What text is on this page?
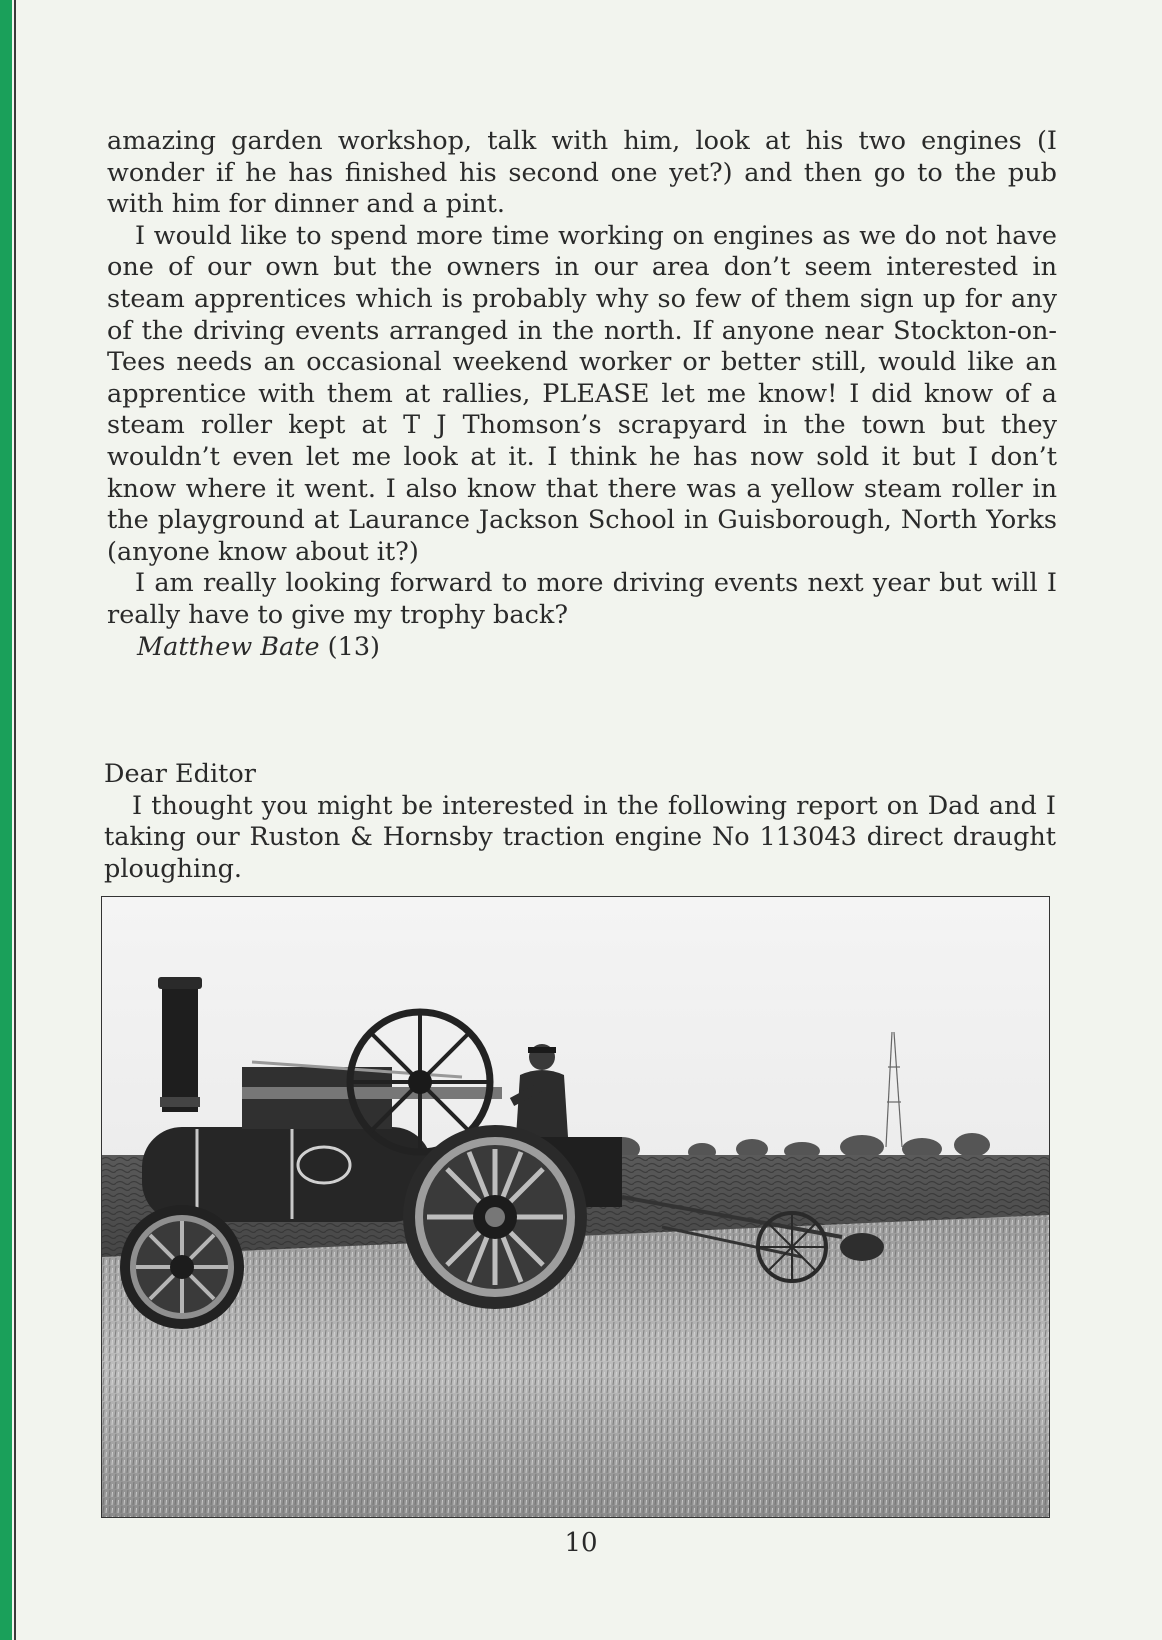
amazing garden workshop, talk with him, look at his two engines (I wonder if he has finished his second one yet?) and then go to the pub with him for dinner and a pint.

I would like to spend more time working on engines as we do not have one of our own but the owners in our area don’t seem interested in steam apprentices which is probably why so few of them sign up for any of the driving events arranged in the north. If anyone near Stockton-on-Tees needs an occasional weekend worker or better still, would like an apprentice with them at rallies, PLEASE let me know! I did know of a steam roller kept at T J Thomson’s scrapyard in the town but they wouldn’t even let me look at it. I think he has now sold it but I don’t know where it went. I also know that there was a yellow steam roller in the playground at Laurance Jackson School in Guisborough, North Yorks (anyone know about it?)

I am really looking forward to more driving events next year but will I really have to give my trophy back?

Matthew Bate (13)

Dear Editor

I thought you might be interested in the following report on Dad and I taking our Ruston & Hornsby traction engine No 113043 direct draught ploughing.

10
